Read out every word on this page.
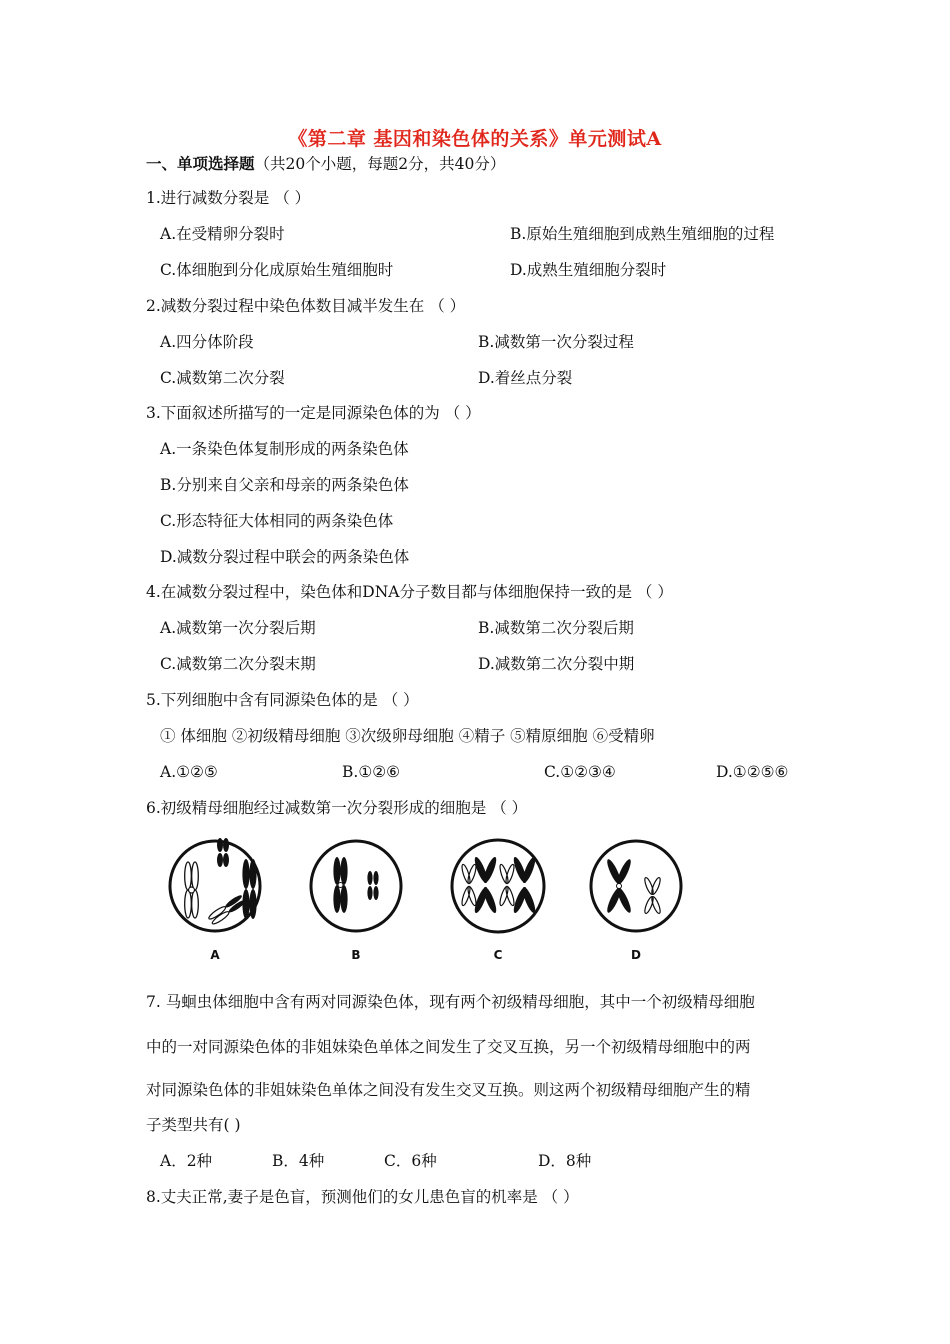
《第二章 基因和染色体的关系》单元测试A
一、单项选择题（共20个小题，每题2分，共40分）
1.进行减数分裂是 （ ）
A.在受精卵分裂时	B.原始生殖细胞到成熟生殖细胞的过程
C.体细胞到分化成原始生殖细胞时	D.成熟生殖细胞分裂时
2.减数分裂过程中染色体数目减半发生在 （ ）
A.四分体阶段	B.减数第一次分裂过程
C.减数第二次分裂	D.着丝点分裂
3.下面叙述所描写的一定是同源染色体的为 （ ）
A.一条染色体复制形成的两条染色体
B.分别来自父亲和母亲的两条染色体
C.形态特征大体相同的两条染色体
D.减数分裂过程中联会的两条染色体
4.在减数分裂过程中，染色体和DNA分子数目都与体细胞保持一致的是 （ ）
A.减数第一次分裂后期	B.减数第二次分裂后期
C.减数第二次分裂末期	D.减数第二次分裂中期
5.下列细胞中含有同源染色体的是 （ ）
① 体细胞 ②初级精母细胞 ③次级卵母细胞 ④精子 ⑤精原细胞 ⑥受精卵
A.①②⑤	B.①②⑥	C.①②③④	D.①②⑤⑥
6.初级精母细胞经过减数第一次分裂形成的细胞是 （ ）
A	B	C	D
7. 马蛔虫体细胞中含有两对同源染色体，现有两个初级精母细胞，其中一个初级精母细胞
中的一对同源染色体的非姐妹染色单体之间发生了交叉互换，另一个初级精母细胞中的两
对同源染色体的非姐妹染色单体之间没有发生交叉互换。则这两个初级精母细胞产生的精
子类型共有( )
A．2种	B．4种	C．6种	D．8种
8.丈夫正常,妻子是色盲，预测他们的女儿患色盲的机率是 （ ）
